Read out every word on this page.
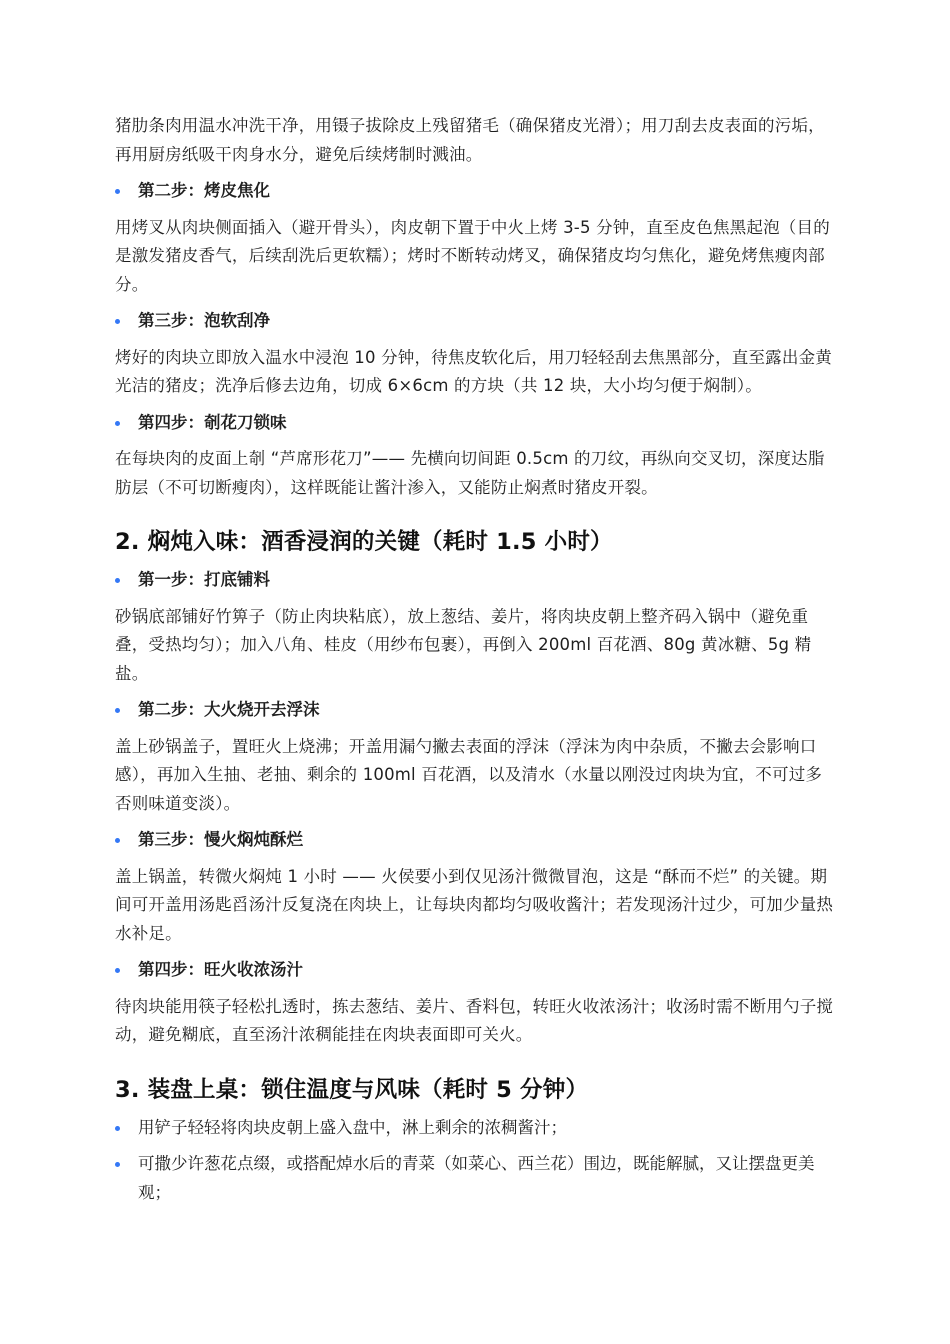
猪肋条肉用温水冲洗干净，用镊子拔除皮上残留猪毛（确保猪皮光滑）；用刀刮去皮表面的污垢，再用厨房纸吸干肉身水分，避免后续烤制时溅油。

第二步：烤皮焦化

用烤叉从肉块侧面插入（避开骨头），肉皮朝下置于中火上烤 3-5 分钟，直至皮色焦黑起泡（目的是激发猪皮香气，后续刮洗后更软糯）；烤时不断转动烤叉，确保猪皮均匀焦化，避免烤焦瘦肉部分。

第三步：泡软刮净

烤好的肉块立即放入温水中浸泡 10 分钟，待焦皮软化后，用刀轻轻刮去焦黑部分，直至露出金黄光洁的猪皮；洗净后修去边角，切成 6×6cm 的方块（共 12 块，大小均匀便于焖制）。

第四步：剞花刀锁味

在每块肉的皮面上剞 “芦席形花刀”—— 先横向切间距 0.5cm 的刀纹，再纵向交叉切，深度达脂肪层（不可切断瘦肉），这样既能让酱汁渗入，又能防止焖煮时猪皮开裂。

2. 焖炖入味：酒香浸润的关键（耗时 1.5 小时）

第一步：打底铺料

砂锅底部铺好竹箅子（防止肉块粘底），放上葱结、姜片，将肉块皮朝上整齐码入锅中（避免重叠，受热均匀）；加入八角、桂皮（用纱布包裹），再倒入 200ml 百花酒、80g 黄冰糖、5g 精盐。

第二步：大火烧开去浮沫

盖上砂锅盖子，置旺火上烧沸；开盖用漏勺撇去表面的浮沫（浮沫为肉中杂质，不撇去会影响口感），再加入生抽、老抽、剩余的 100ml 百花酒，以及清水（水量以刚没过肉块为宜，不可过多否则味道变淡）。

第三步：慢火焖炖酥烂

盖上锅盖，转微火焖炖 1 小时 —— 火侯要小到仅见汤汁微微冒泡，这是 “酥而不烂” 的关键。期间可开盖用汤匙舀汤汁反复浇在肉块上，让每块肉都均匀吸收酱汁；若发现汤汁过少，可加少量热水补足。

第四步：旺火收浓汤汁

待肉块能用筷子轻松扎透时，拣去葱结、姜片、香料包，转旺火收浓汤汁；收汤时需不断用勺子搅动，避免糊底，直至汤汁浓稠能挂在肉块表面即可关火。

3. 装盘上桌：锁住温度与风味（耗时 5 分钟）

用铲子轻轻将肉块皮朝上盛入盘中，淋上剩余的浓稠酱汁；

可撒少许葱花点缀，或搭配焯水后的青菜（如菜心、西兰花）围边，既能解腻，又让摆盘更美观；
